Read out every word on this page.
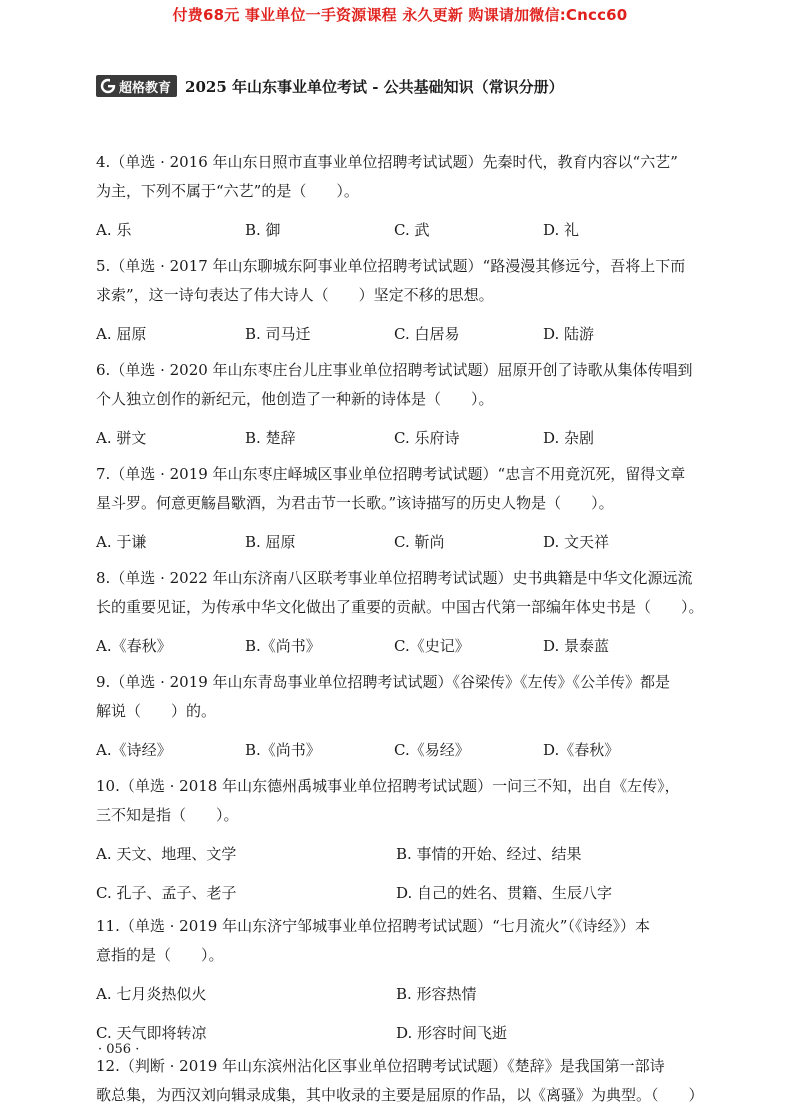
付费68元 事业单位一手资源课程 永久更新 购课请加微信:Cncc60
超格教育 2025 年山东事业单位考试 - 公共基础知识（常识分册）
4.（单选 · 2016 年山东日照市直事业单位招聘考试试题）先秦时代，教育内容以“六艺”
为主，下列不属于“六艺”的是（　　）。
A. 乐	B. 御	C. 武	D. 礼
5.（单选 · 2017 年山东聊城东阿事业单位招聘考试试题）“路漫漫其修远兮，吾将上下而
求索”，这一诗句表达了伟大诗人（　　）坚定不移的思想。
A. 屈原	B. 司马迁	C. 白居易	D. 陆游
6.（单选 · 2020 年山东枣庄台儿庄事业单位招聘考试试题）屈原开创了诗歌从集体传唱到
个人独立创作的新纪元，他创造了一种新的诗体是（　　）。
A. 骈文	B. 楚辞	C. 乐府诗	D. 杂剧
7.（单选 · 2019 年山东枣庄峄城区事业单位招聘考试试题）“忠言不用竟沉死，留得文章
星斗罗。何意更觞昌歜酒，为君击节一长歌。”该诗描写的历史人物是（　　）。
A. 于谦	B. 屈原	C. 靳尚	D. 文天祥
8.（单选 · 2022 年山东济南八区联考事业单位招聘考试试题）史书典籍是中华文化源远流
长的重要见证，为传承中华文化做出了重要的贡献。中国古代第一部编年体史书是（　　）。
A.《春秋》	B.《尚书》	C.《史记》	D. 景泰蓝
9.（单选 · 2019 年山东青岛事业单位招聘考试试题）《谷梁传》《左传》《公羊传》都是
解说（　　）的。
A.《诗经》	B.《尚书》	C.《易经》	D.《春秋》
10.（单选 · 2018 年山东德州禹城事业单位招聘考试试题）一问三不知，出自《左传》，
三不知是指（　　）。
A. 天文、地理、文学	B. 事情的开始、经过、结果
C. 孔子、孟子、老子	D. 自己的姓名、贯籍、生辰八字
11.（单选 · 2019 年山东济宁邹城事业单位招聘考试试题）“七月流火”（《诗经》）本
意指的是（　　）。
A. 七月炎热似火	B. 形容热情
C. 天气即将转凉	D. 形容时间飞逝
12.（判断 · 2019 年山东滨州沾化区事业单位招聘考试试题）《楚辞》是我国第一部诗
歌总集，为西汉刘向辑录成集，其中收录的主要是屈原的作品，以《离骚》为典型。（　　）
· 056 ·
